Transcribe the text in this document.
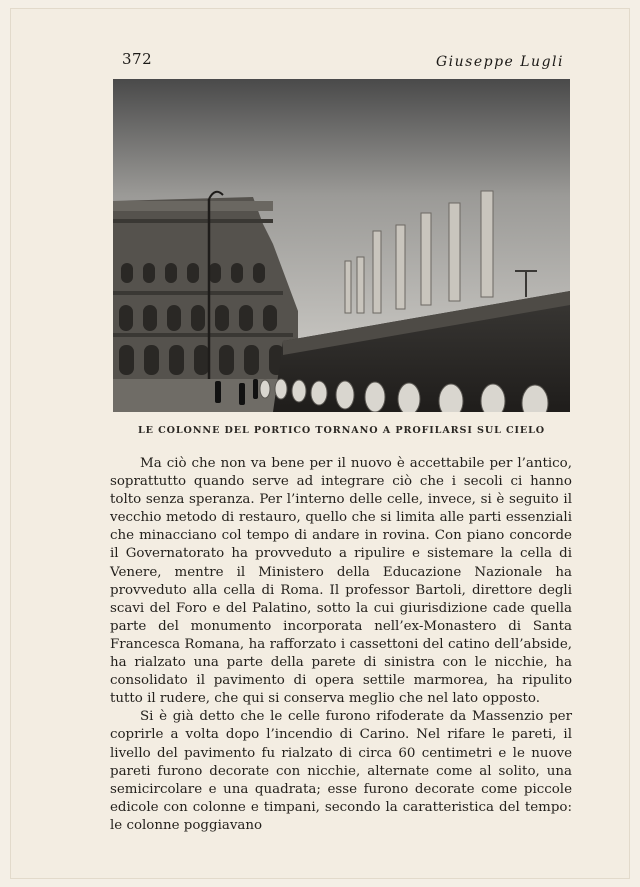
372	Giuseppe Lugli
LE COLONNE DEL PORTICO TORNANO A PROFILARSI SUL CIELO

Ma ciò che non va bene per il nuovo è accettabile per l’antico, soprattutto quando serve ad integrare ciò che i secoli ci hanno tolto senza speranza. Per l’interno delle celle, invece, si è seguito il vecchio metodo di restauro, quello che si limita alle parti essenziali che minacciano col tempo di andare in rovina. Con piano concorde il Governatorato ha provveduto a ripulire e sistemare la cella di Venere, mentre il Ministero della Educazione Nazionale ha provveduto alla cella di Roma. Il professor Bartoli, direttore degli scavi del Foro e del Palatino, sotto la cui giurisdizione cade quella parte del monumento incorporata nell’ex-Monastero di Santa Francesca Romana, ha rafforzato i cassettoni del catino dell’abside, ha rialzato una parte della parete di sinistra con le nicchie, ha consolidato il pavimento di opera settile marmorea, ha ripulito tutto il rudere, che qui si conserva meglio che nel lato opposto.

Si è già detto che le celle furono rifoderate da Massenzio per coprirle a volta dopo l’incendio di Carino. Nel rifare le pareti, il livello del pavimento fu rialzato di circa 60 centimetri e le nuove pareti furono decorate con nicchie, alternate come al solito, una semicircolare e una quadrata; esse furono decorate come piccole edicole con colonne e timpani, secondo la caratteristica del tempo: le colonne poggiavano
